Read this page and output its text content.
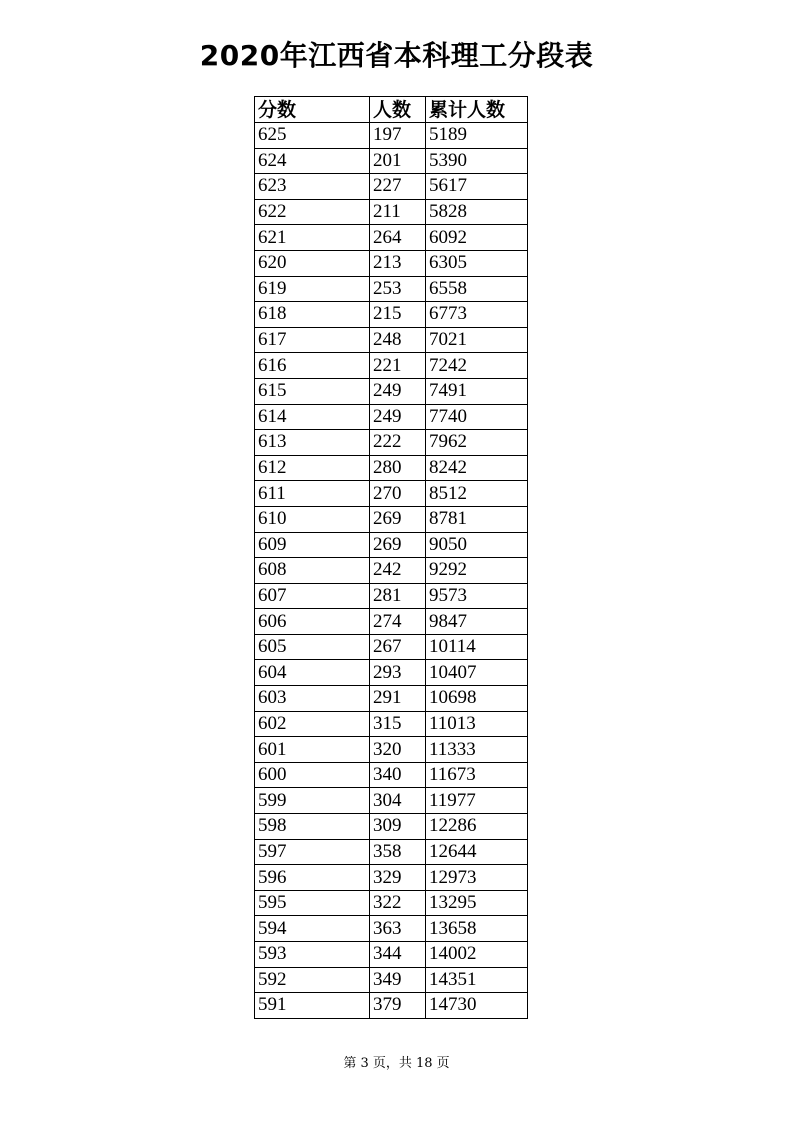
2020年江西省本科理工分段表
分数	人数	累计人数
625	197	5189
624	201	5390
623	227	5617
622	211	5828
621	264	6092
620	213	6305
619	253	6558
618	215	6773
617	248	7021
616	221	7242
615	249	7491
614	249	7740
613	222	7962
612	280	8242
611	270	8512
610	269	8781
609	269	9050
608	242	9292
607	281	9573
606	274	9847
605	267	10114
604	293	10407
603	291	10698
602	315	11013
601	320	11333
600	340	11673
599	304	11977
598	309	12286
597	358	12644
596	329	12973
595	322	13295
594	363	13658
593	344	14002
592	349	14351
591	379	14730
第 3 页，共 18 页
